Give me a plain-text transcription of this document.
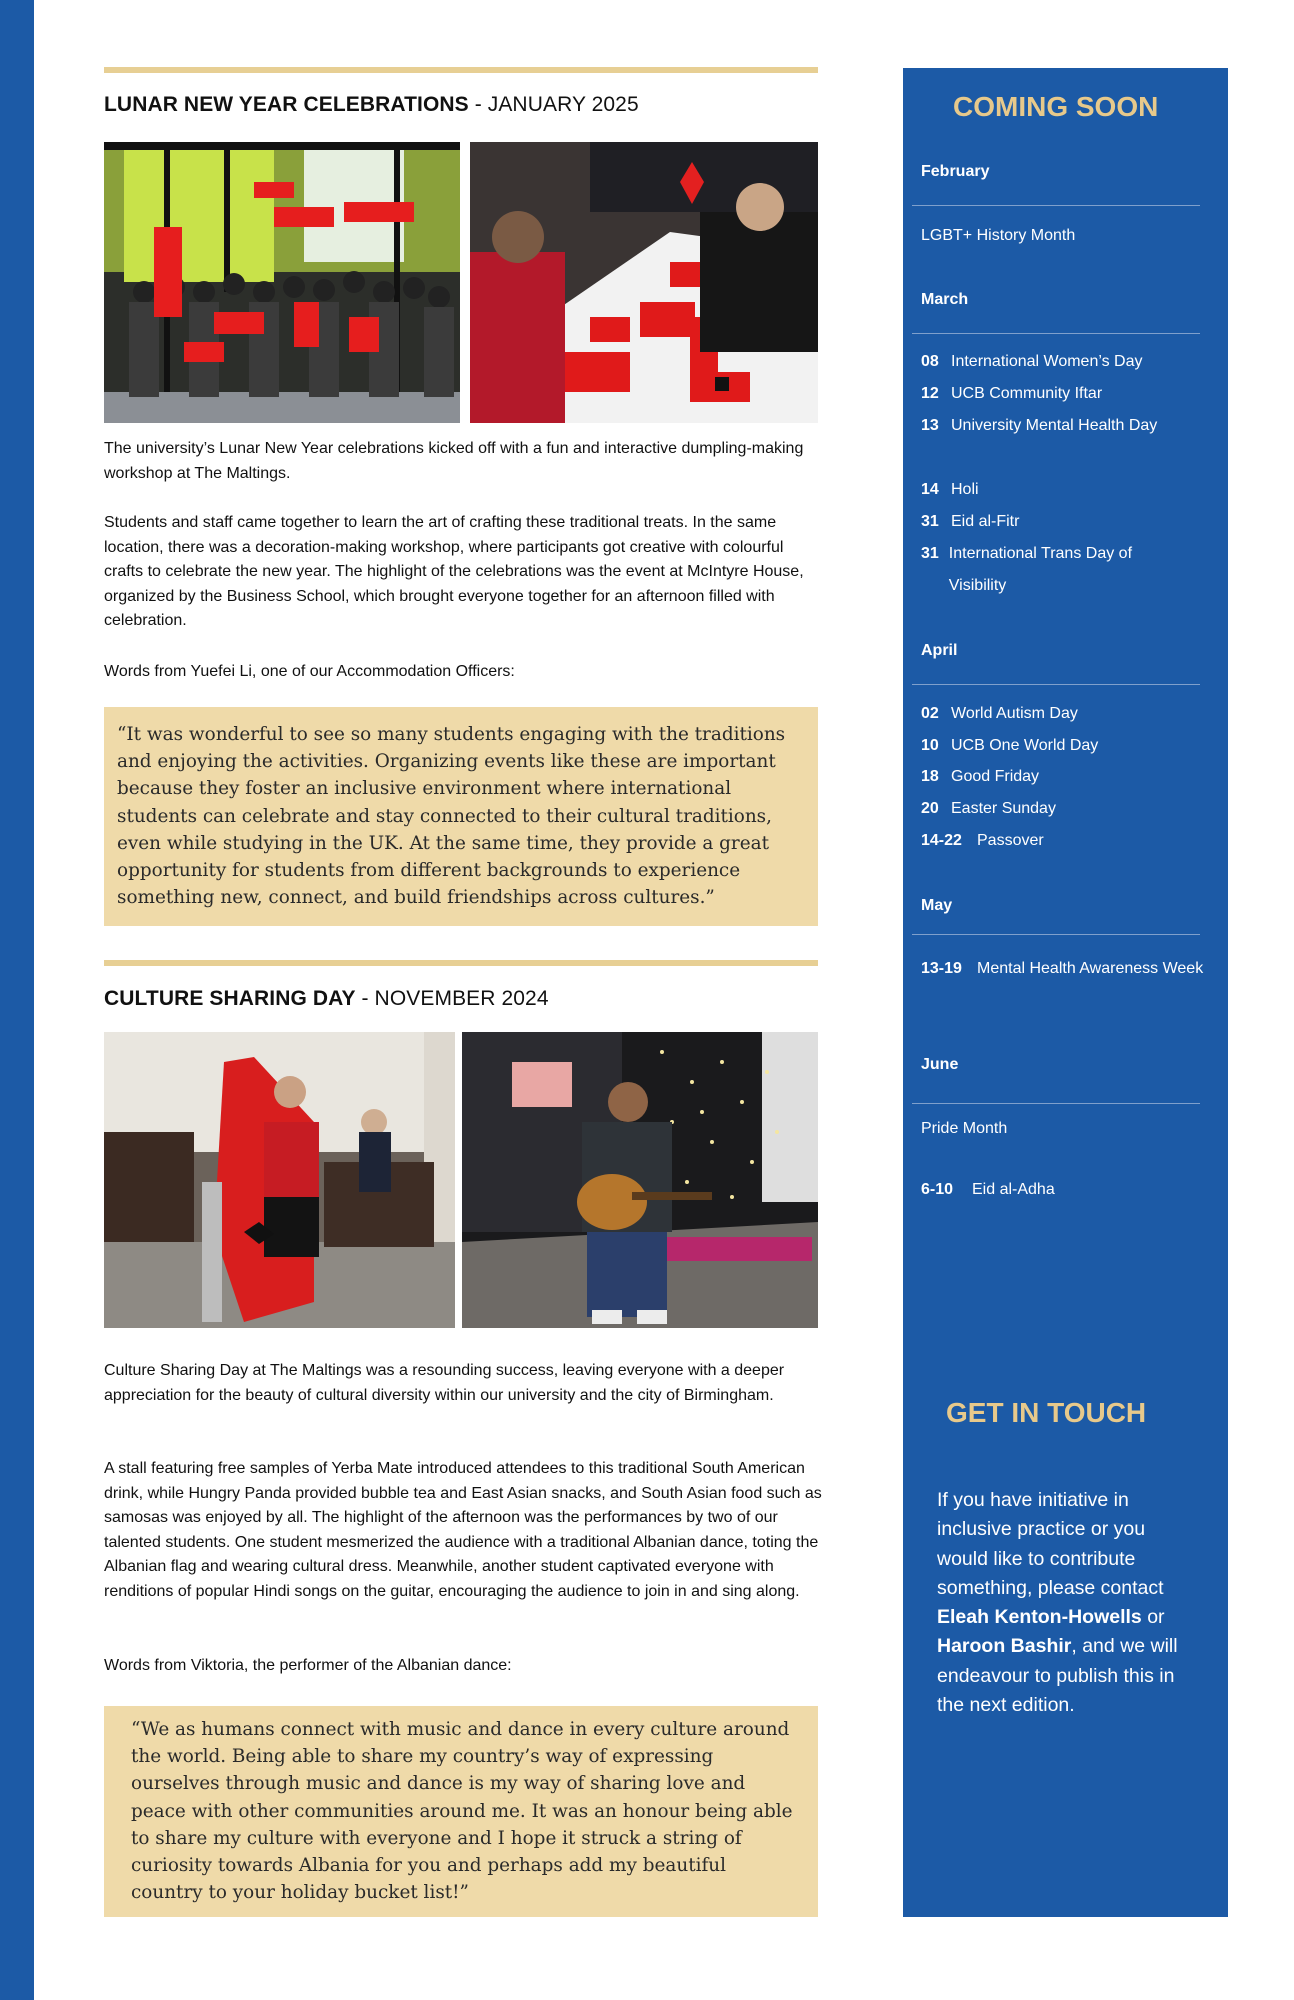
LUNAR NEW YEAR CELEBRATIONS - JANUARY 2025

The university’s Lunar New Year celebrations kicked off with a fun and interactive dumpling-making workshop at The Maltings.

Students and staff came together to learn the art of crafting these traditional treats. In the same location, there was a decoration-making workshop, where participants got creative with colourful crafts to celebrate the new year. The highlight of the celebrations was the event at McIntyre House, organized by the Business School, which brought everyone together for an afternoon filled with celebration.

Words from Yuefei Li, one of our Accommodation Officers:

“It was wonderful to see so many students engaging with the traditions and enjoying the activities. Organizing events like these are important because they foster an inclusive environment where international students can celebrate and stay connected to their cultural traditions, even while studying in the UK. At the same time, they provide a great opportunity for students from different backgrounds to experience something new, connect, and build friendships across cultures.”

CULTURE SHARING DAY - NOVEMBER 2024

Culture Sharing Day at The Maltings was a resounding success, leaving everyone with a deeper appreciation for the beauty of cultural diversity within our university and the city of Birmingham.

A stall featuring free samples of Yerba Mate introduced attendees to this traditional South American drink, while Hungry Panda provided bubble tea and East Asian snacks, and South Asian food such as samosas was enjoyed by all. The highlight of the afternoon was the performances by two of our talented students. One student mesmerized the audience with a traditional Albanian dance, toting the Albanian flag and wearing cultural dress. Meanwhile, another student captivated everyone with renditions of popular Hindi songs on the guitar, encouraging the audience to join in and sing along.

Words from Viktoria, the performer of the Albanian dance:

“We as humans connect with music and dance in every culture around the world. Being able to share my country’s way of expressing ourselves through music and dance is my way of sharing love and peace with other communities around me. It was an honour being able to share my culture with everyone and I hope it struck a string of curiosity towards Albania for you and perhaps add my beautiful country to your holiday bucket list!”

COMING SOON
February
LGBT+ History Month
March
08 International Women’s Day
12 UCB Community Iftar
13 University Mental Health Day
14 Holi
31 Eid al-Fitr
31 International Trans Day of Visibility
April
02 World Autism Day
10 UCB One World Day
18 Good Friday
20 Easter Sunday
14-22 Passover
May
13-19 Mental Health Awareness Week
June
Pride Month
6-10	Eid al-Adha
GET IN TOUCH

If you have initiative in inclusive practice or you would like to contribute something, please contact Eleah Kenton-Howells or Haroon Bashir, and we will endeavour to publish this in the next edition.
